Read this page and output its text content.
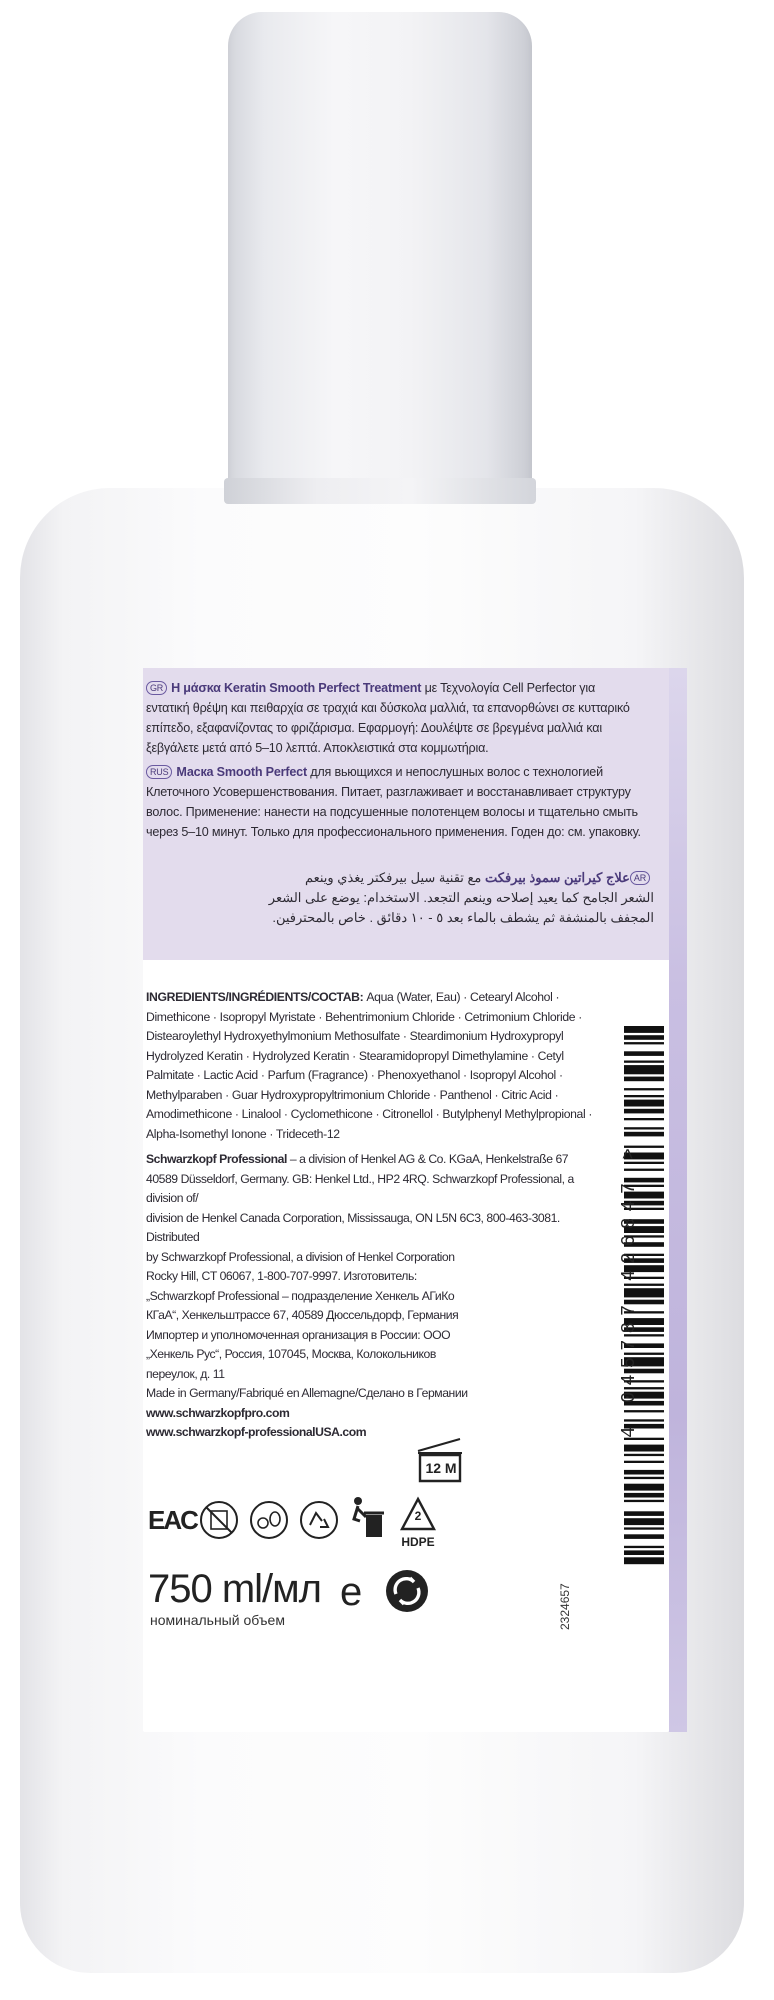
GR Η μάσκα Keratin Smooth Perfect Treatment με Τεχνολογία Cell Perfector για
εντατική θρέψη και πειθαρχία σε τραχιά και δύσκολα μαλλιά, τα επανορθώνει σε κυτταρικό
επίπεδο, εξαφανίζοντας το φριζάρισμα. Εφαρμογή: Δουλέψτε σε βρεγμένα μαλλιά και
ξεβγάλετε μετά από 5–10 λεπτά. Αποκλειστικά στα κομμωτήρια.
RUS Маска Smooth Perfect для вьющихся и непослушных волос с технологией
Клеточного Усовершенствования. Питает, разглаживает и восстанавливает структуру
волос. Применение: нанести на подсушенные полотенцем волосы и тщательно смыть
через 5–10 минут. Только для профессионального применения. Годен до: см. упаковку.
ARعلاج كيراتين سموذ بيرفكت مع تقنية سيل بيرفكتر يغذي وينعم
الشعر الجامح كما يعيد إصلاحه وينعم التجعد. الاستخدام: يوضع على الشعر
المجفف بالمنشفة ثم يشطف بالماء بعد ٥ - ١٠ دقائق . خاص بالمحترفين.
INGREDIENTS/INGRÉDIENTS/СОСТАВ: Aqua (Water, Eau) · Cetearyl Alcohol ·
Dimethicone · Isopropyl Myristate · Behentrimonium Chloride · Cetrimonium Chloride ·
Distearoylethyl Hydroxyethylmonium Methosulfate · Steardimonium Hydroxypropyl
Hydrolyzed Keratin · Hydrolyzed Keratin · Stearamidopropyl Dimethylamine · Cetyl
Palmitate · Lactic Acid · Parfum (Fragrance) · Phenoxyethanol · Isopropyl Alcohol ·
Methylparaben · Guar Hydroxypropyltrimonium Chloride · Panthenol · Citric Acid ·
Amodimethicone · Linalool · Cyclomethicone · Citronellol · Butylphenyl Methylpropional ·
Alpha-Isomethyl Ionone · Trideceth-12
Schwarzkopf Professional – a division of Henkel AG & Co. KGaA, Henkelstraße 67
40589 Düsseldorf, Germany. GB: Henkel Ltd., HP2 4RQ. Schwarzkopf Professional, a division of/
division de Henkel Canada Corporation, Mississauga, ON L5N 6C3, 800-463-3081. Distributed
by Schwarzkopf Professional, a division of Henkel Corporation
Rocky Hill, CT 06067, 1-800-707-9997. Изготовитель:
„Schwarzkopf Professional – подразделение Хенкель АГиКо
КГаА“, Хенкельштрассе 67, 40589 Дюссельдорф, Германия
Импортер и уполномоченная организация в России: ООО
„Хенкель Рус“, Россия, 107045, Москва, Колокольников
переулок, д. 11
Made in Germany/Fabriqué en Allemagne/Сделано в Германии
www.schwarzkopfpro.com
www.schwarzkopf-professionalUSA.com
12 M
EAC	2
HDPE
750 ml/мл e
номинальный объем	2324657
4 045787 426847 >
